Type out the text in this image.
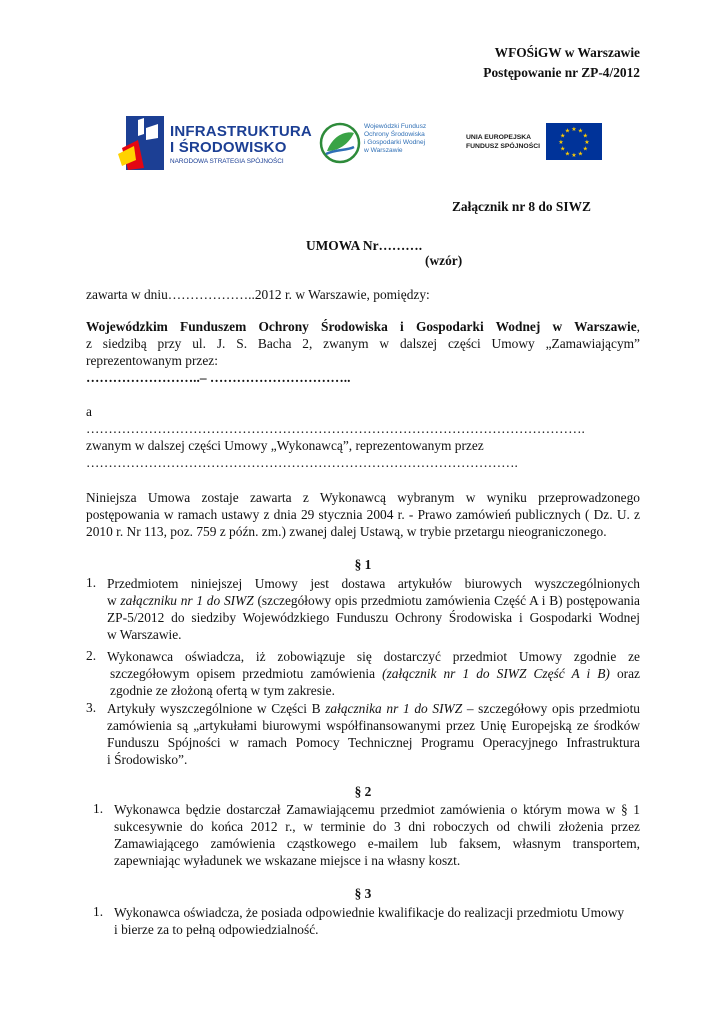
WFOŚiGW w Warszawie
Postępowanie nr ZP-4/2012
INFRASTRUKTURA
I ŚRODOWISKO
NARODOWA STRATEGIA SPÓJNOŚCI
Wojewódzki Fundusz
Ochrony Środowiska
i Gospodarki Wodnej
w Warszawie
UNIA EUROPEJSKA
FUNDUSZ SPÓJNOŚCI
★ ★
★
★
★
★
★
★
★
★
★
★
Załącznik nr 8 do SIWZ
UMOWA Nr……….
(wzór)
zawarta w dniu………………..2012 r. w Warszawie, pomiędzy:
Wojewódzkim Funduszem Ochrony Środowiska i Gospodarki Wodnej w Warszawie,
z siedzibą przy ul. J. S. Bacha 2, zwanym w dalszej części Umowy „Zamawiającym”
reprezentowanym przez:
……………………..– …………………………..
a
………………………………………………………………………………………………….
zwanym w dalszej części Umowy „Wykonawcą”, reprezentowanym przez
…………………………………………………………………………………….
Niniejsza Umowa zostaje zawarta z Wykonawcą wybranym w wyniku przeprowadzonego
postępowania w ramach ustawy z dnia 29 stycznia 2004 r. - Prawo zamówień publicznych ( Dz. U. z
2010 r. Nr 113, poz. 759 z późn. zm.) zwanej dalej Ustawą, w trybie przetargu nieograniczonego.
§ 1
1. Przedmiotem niniejszej Umowy jest dostawa artykułów biurowych wyszczególnionych
w załączniku nr 1 do SIWZ (szczegółowy opis przedmiotu zamówienia Część A i B) postępowania
ZP-5/2012 do siedziby Wojewódzkiego Funduszu Ochrony Środowiska i Gospodarki Wodnej
w Warszawie.
2. Wykonawca oświadcza, iż zobowiązuje się dostarczyć przedmiot Umowy zgodnie ze
szczegółowym opisem przedmiotu zamówienia (załącznik nr 1 do SIWZ Część A i B) oraz
zgodnie ze złożoną ofertą w tym zakresie.
3. Artykuły wyszczególnione w Części B załącznika nr 1 do SIWZ – szczegółowy opis przedmiotu
zamówienia są „artykułami biurowymi współfinansowanymi przez Unię Europejską ze środków
Funduszu Spójności w ramach Pomocy Technicznej Programu Operacyjnego Infrastruktura
i Środowisko”.
§ 2
1. Wykonawca będzie dostarczał Zamawiającemu przedmiot zamówienia o którym mowa w § 1
sukcesywnie do końca 2012 r., w terminie do 3 dni roboczych od chwili złożenia przez
Zamawiającego zamówienia cząstkowego e-mailem lub faksem, własnym transportem,
zapewniając wyładunek we wskazane miejsce i na własny koszt.
§ 3
1. Wykonawca oświadcza, że posiada odpowiednie kwalifikacje do realizacji przedmiotu Umowy
i bierze za to pełną odpowiedzialność.
